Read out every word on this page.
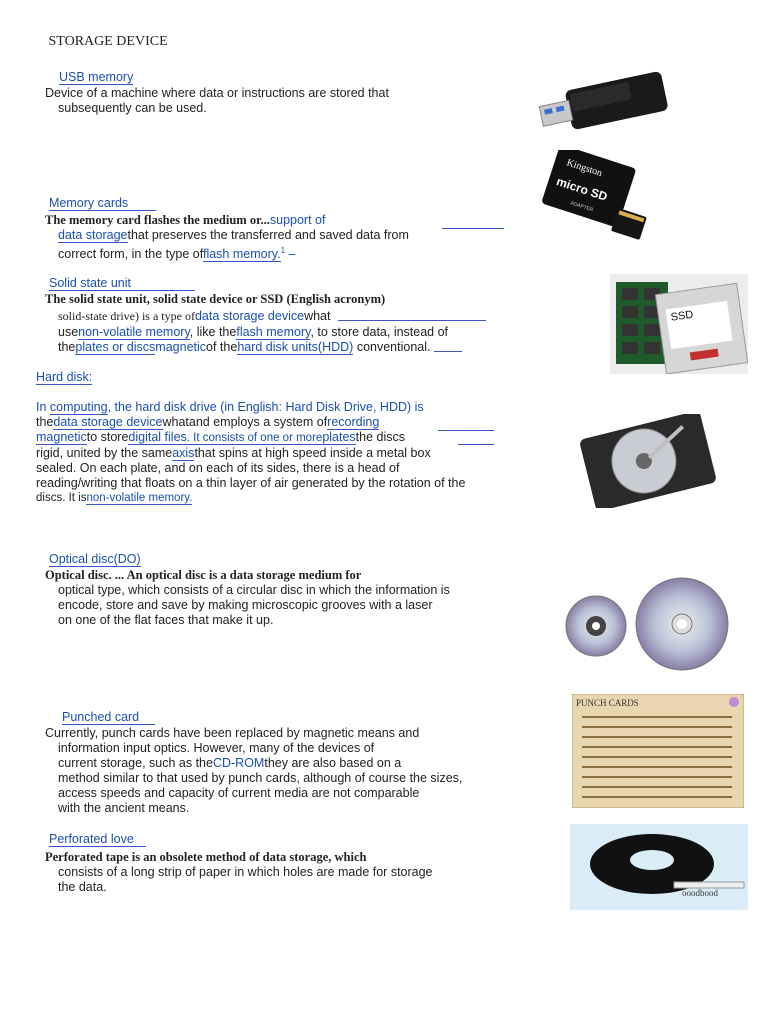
STORAGE DEVICE
USB memory
Device of a machine where data or instructions are stored that
subsequently can be used.
Memory cards
The memory card flashes the medium or...support of
data storagethat preserves the transferred and saved data from
correct form, in the type offlash memory.$^1$ –
Kingston
micro SD
ADAPTER
Solid state unit
The solid state unit, solid state device or SSD (English acronym)
solid-state drive) is a type ofdata storage devicewhat
usenon-volatile memory, like theflash memory, to store data, instead of
theplates or discsmagneticof thehard disk units(HDD) conventional.
SSD
Hard disk:
In computing, the hard disk drive (in English: Hard Disk Drive, HDD) is
thedata storage devicewhatand employs a system ofrecording
magneticto storedigital files. It consists of one or moreplatesthe discs
rigid, united by the sameaxisthat spins at high speed inside a metal box
sealed. On each plate, and on each of its sides, there is a head of
reading/writing that floats on a thin layer of air generated by the rotation of the
discs. It isnon-volatile memory.
Optical disc(DO)
Optical disc. ... An optical disc is a data storage medium for
optical type, which consists of a circular disc in which the information is
encode, store and save by making microscopic grooves with a laser
on one of the flat faces that make it up.
Punched card
Currently, punch cards have been replaced by magnetic means and
information input optics. However, many of the devices of
current storage, such as theCD-ROMthey are also based on a
method similar to that used by punch cards, although of course the sizes,
access speeds and capacity of current media are not comparable
with the ancient means.
PUNCH CARDS
Perforated love
Perforated tape is an obsolete method of data storage, which
consists of a long strip of paper in which holes are made for storage
the data.	ooodbood
